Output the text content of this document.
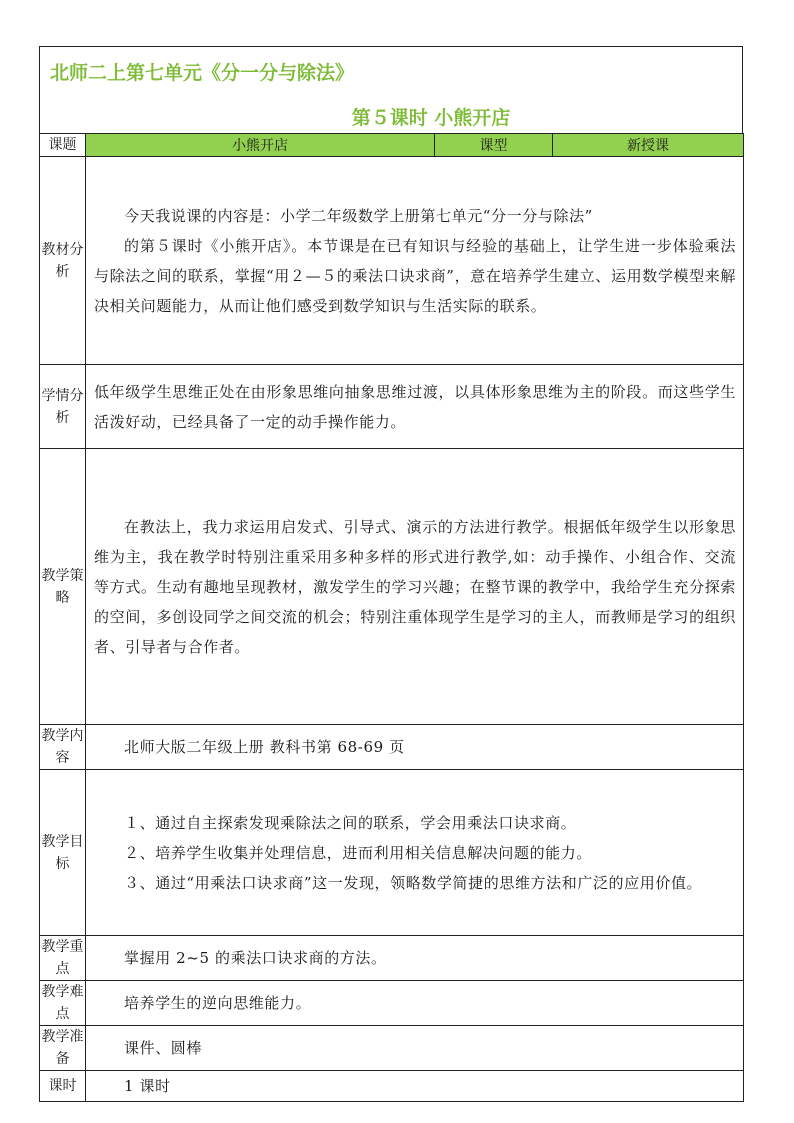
北师二上第七单元《分一分与除法》
第５课时 小熊开店
课题	小熊开店	课型	新授课
教材分析	今天我说课的内容是：小学二年级数学上册第七单元“分一分与除法”

的第５课时《小熊开店》。本节课是在已有知识与经验的基础上，让学生进一步体验乘法与除法之间的联系，掌握“用２—５的乘法口诀求商”，意在培养学生建立、运用数学模型来解决相关问题能力，从而让他们感受到数学知识与生活实际的联系。		

学情分析	低年级学生思维正处在由形象思维向抽象思维过渡，以具体形象思维为主的阶段。而这些学生活泼好动，已经具备了一定的动手操作能力。		
教学策略	在教法上，我力求运用启发式、引导式、演示的方法进行教学。根据低年级学生以形象思维为主，我在教学时特别注重采用多种多样的形式进行教学,如：动手操作、小组合作、交流等方式。生动有趣地呈现教材，激发学生的学习兴趣；在整节课的教学中，我给学生充分探索的空间，多创设同学之间交流的机会；特别注重体现学生是学习的主人，而教师是学习的组织者、引导者与合作者。		

教学内容	北师大版二年级上册 教科书第 68-69 页		
教学目标	１、通过自主探索发现乘除法之间的联系，学会用乘法口诀求商。

２、培养学生收集并处理信息，进而利用相关信息解决问题的能力。

３、通过“用乘法口诀求商”这一发现，领略数学简捷的思维方法和广泛的应用价值。		

教学重点	掌握用 2~5 的乘法口诀求商的方法。		
教学难点	培养学生的逆向思维能力。		
教学准备	课件、圆棒		
课时	1 课时		
